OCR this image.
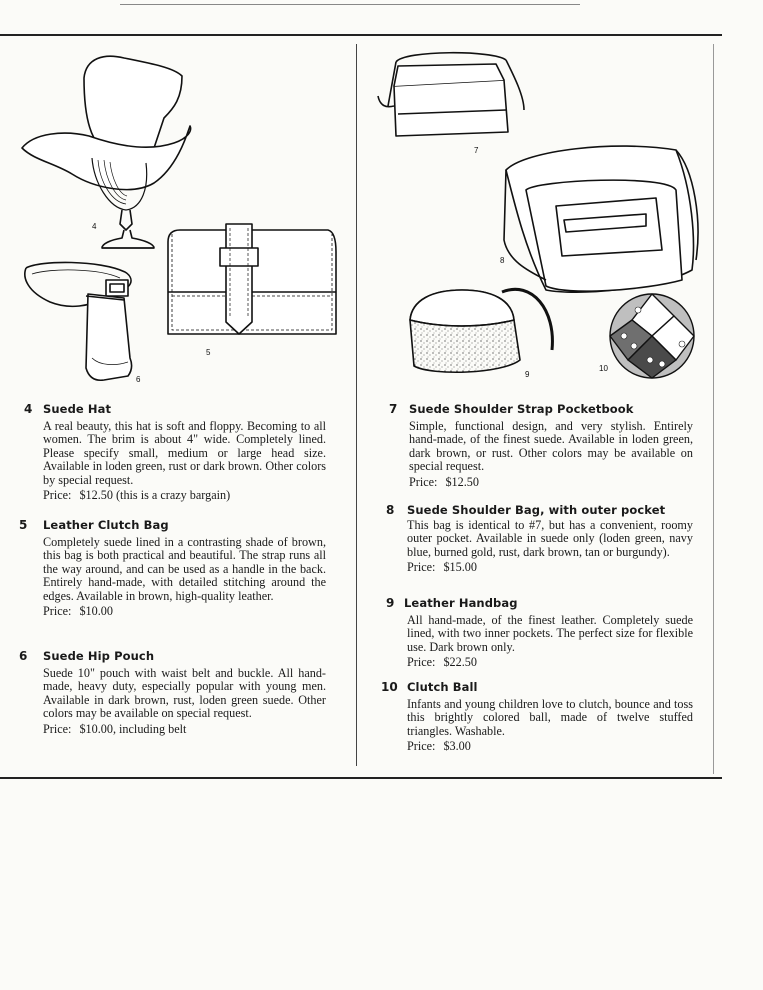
4
5
6
7
8
9
10
4 Suede Hat

A real beauty, this hat is soft and floppy. Becoming to all women. The brim is about 4" wide. Completely lined. Please specify small, medium or large head size. Available in loden green, rust or dark brown. Other colors by special request.

Price: $12.50 (this is a crazy bargain)
5 Leather Clutch Bag

Completely suede lined in a contrasting shade of brown, this bag is both practical and beautiful. The strap runs all the way around, and can be used as a handle in the back. Entirely hand-made, with detailed stitching around the edges. Available in brown, high-quality leather.

Price: $10.00
6 Suede Hip Pouch

Suede 10" pouch with waist belt and buckle. All hand-made, heavy duty, especially popular with young men. Available in dark brown, rust, loden green suede. Other colors may be available on special request.

Price: $10.00, including belt
7 Suede Shoulder Strap Pocketbook

Simple, functional design, and very stylish. Entirely hand-made, of the finest suede. Available in loden green, dark brown, or rust. Other colors may be available on special request.

Price: $12.50
8 Suede Shoulder Bag, with outer pocket

This bag is identical to #7, but has a convenient, roomy outer pocket. Available in suede only (loden green, navy blue, burned gold, rust, dark brown, tan or burgundy).

Price: $15.00
9 Leather Handbag

All hand-made, of the finest leather. Completely suede lined, with two inner pockets. The perfect size for flexible use. Dark brown only.

Price: $22.50
10 Clutch Ball

Infants and young children love to clutch, bounce and toss this brightly colored ball, made of twelve stuffed triangles. Washable.

Price: $3.00
